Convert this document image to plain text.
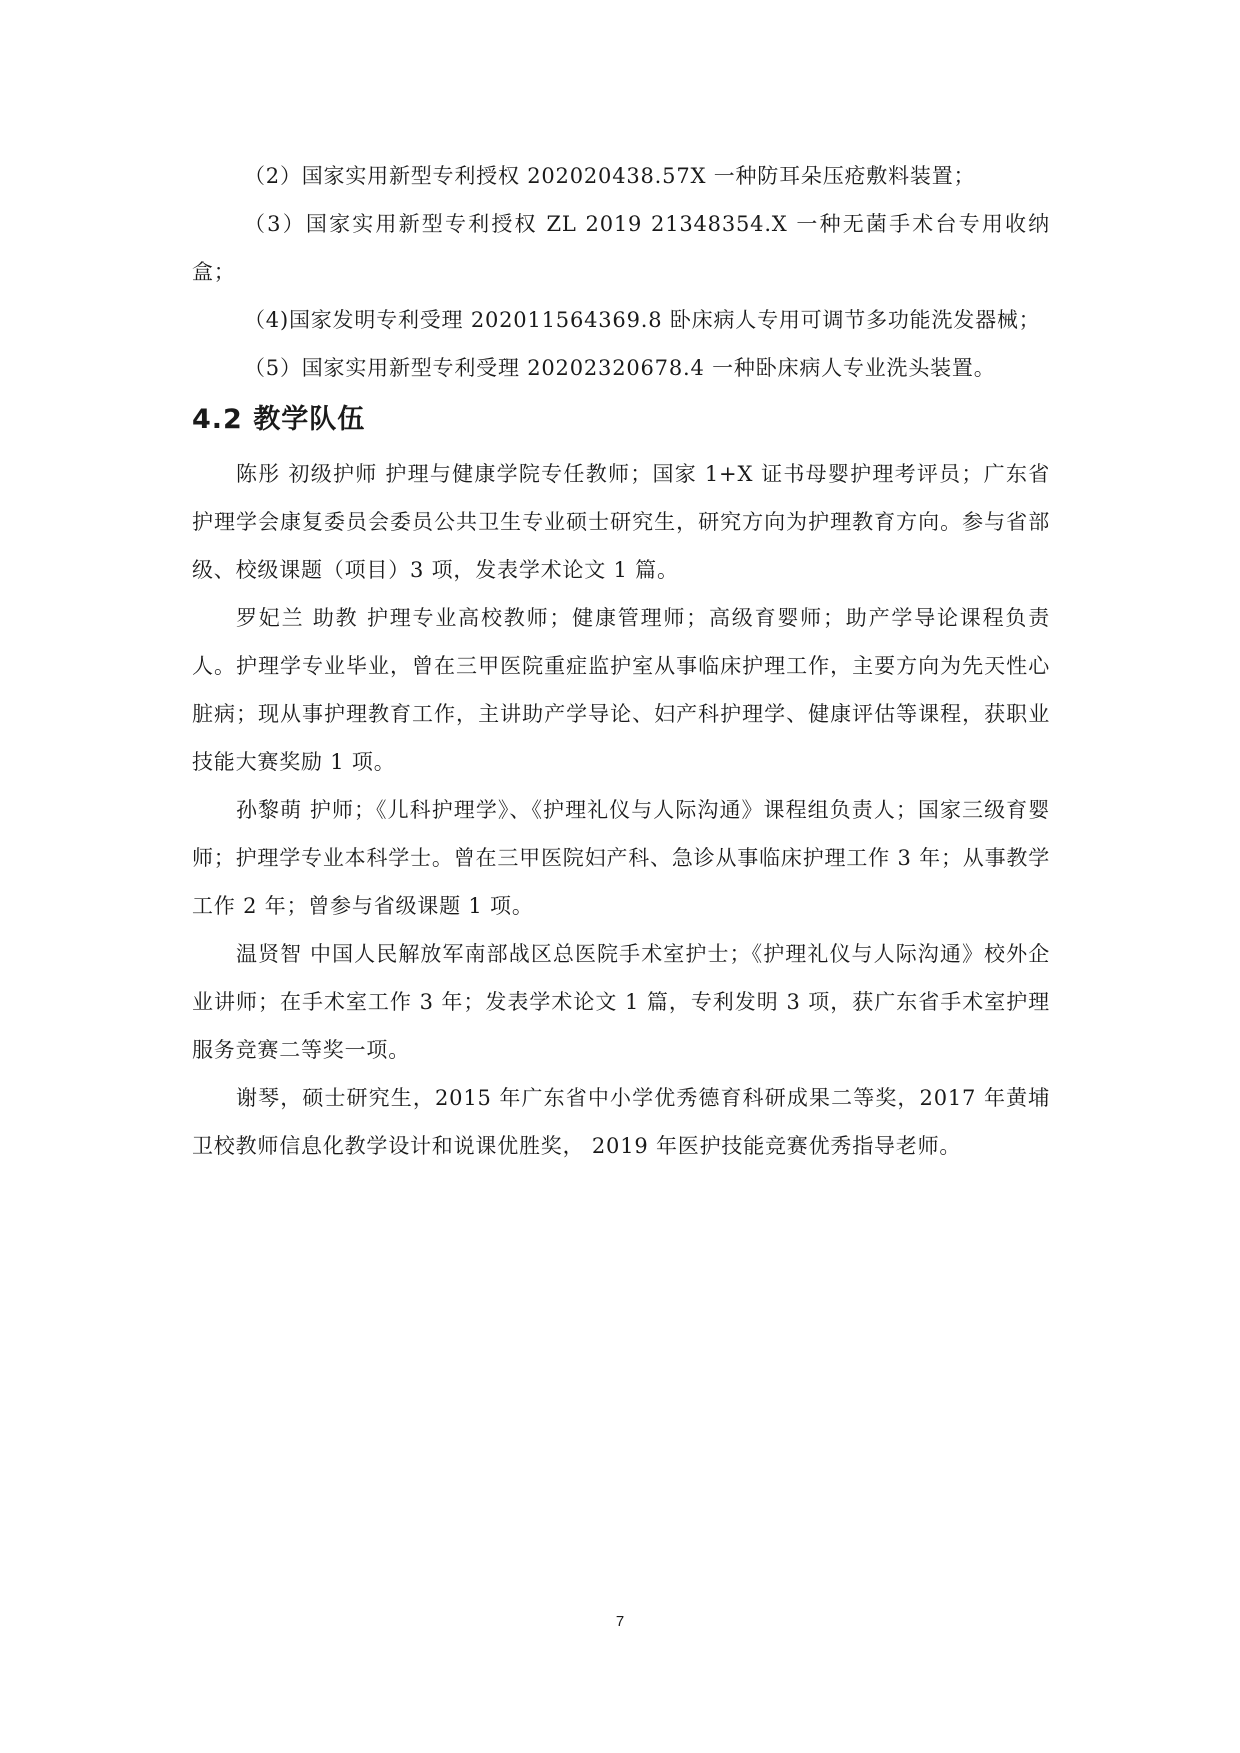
（2）国家实用新型专利授权 202020438.57X 一种防耳朵压疮敷料装置；

（3）国家实用新型专利授权 ZL 2019 21348354.X 一种无菌手术台专用收纳盒；

（4)国家发明专利受理 202011564369.8 卧床病人专用可调节多功能洗发器械；

（5）国家实用新型专利受理 20202320678.4 一种卧床病人专业洗头装置。

4.2 教学队伍

陈彤 初级护师 护理与健康学院专任教师；国家 1+X 证书母婴护理考评员；广东省护理学会康复委员会委员公共卫生专业硕士研究生，研究方向为护理教育方向。参与省部级、校级课题（项目）3 项，发表学术论文 1 篇。

罗妃兰 助教 护理专业高校教师；健康管理师；高级育婴师；助产学导论课程负责人。护理学专业毕业，曾在三甲医院重症监护室从事临床护理工作，主要方向为先天性心脏病；现从事护理教育工作，主讲助产学导论、妇产科护理学、健康评估等课程，获职业技能大赛奖励 1 项。

孙黎萌 护师；《儿科护理学》、《护理礼仪与人际沟通》课程组负责人；国家三级育婴师；护理学专业本科学士。曾在三甲医院妇产科、急诊从事临床护理工作 3 年；从事教学工作 2 年；曾参与省级课题 1 项。

温贤智 中国人民解放军南部战区总医院手术室护士；《护理礼仪与人际沟通》校外企业讲师；在手术室工作 3 年；发表学术论文 1 篇，专利发明 3 项，获广东省手术室护理服务竞赛二等奖一项。

谢琴，硕士研究生，2015 年广东省中小学优秀德育科研成果二等奖，2017 年黄埔卫校教师信息化教学设计和说课优胜奖， 2019 年医护技能竞赛优秀指导老师。

7
